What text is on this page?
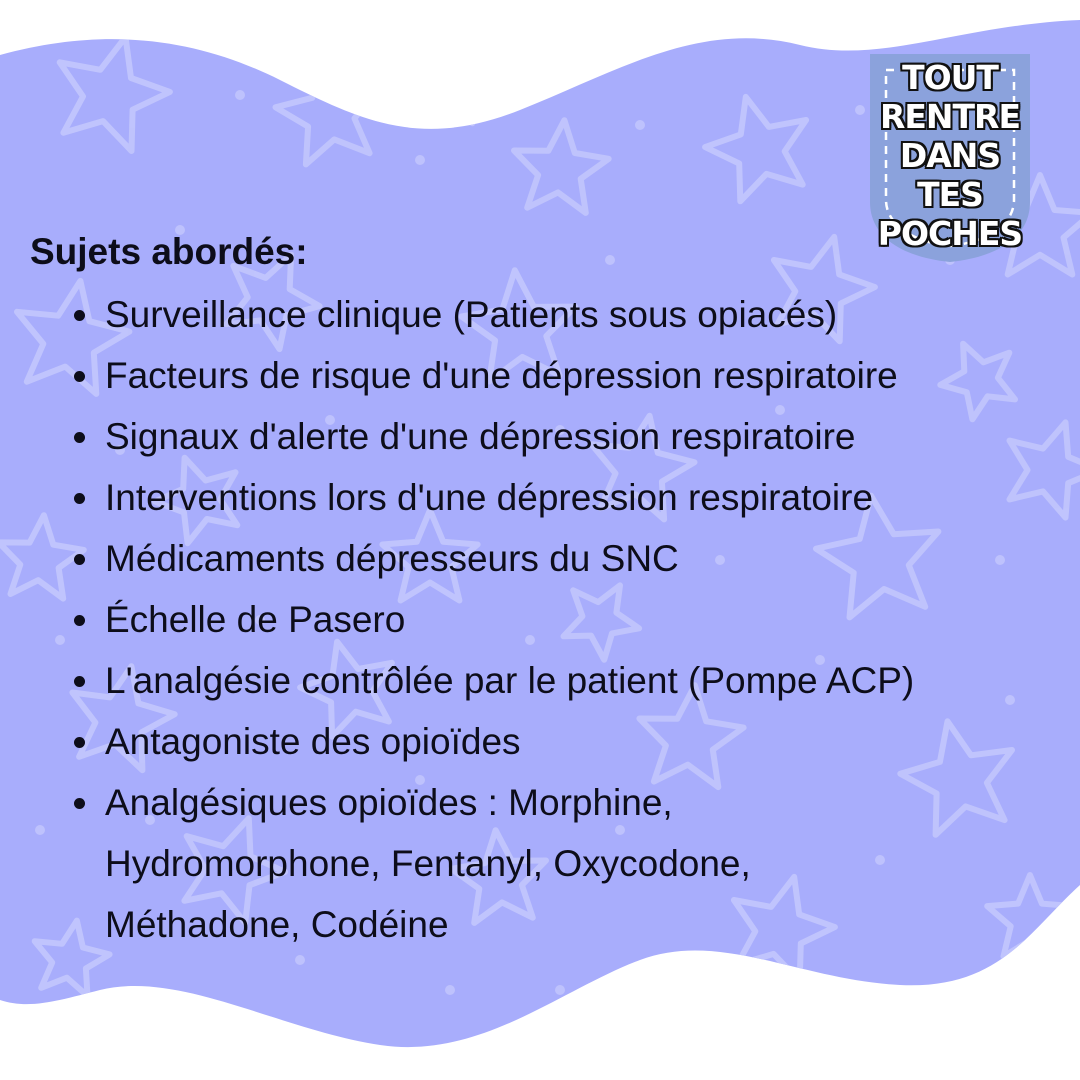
TOUT
RENTRE
DANS
TES
POCHES
Sujets abordés:
Surveillance clinique (Patients sous opiacés)
Facteurs de risque d'une dépression respiratoire
Signaux d'alerte d'une dépression respiratoire
Interventions lors d'une dépression respiratoire
Médicaments dépresseurs du SNC
Échelle de Pasero
L'analgésie contrôlée par le patient (Pompe ACP)
Antagoniste des opioïdes
Analgésiques opioïdes : Morphine, Hydromorphone, Fentanyl, Oxycodone, Méthadone, Codéine
